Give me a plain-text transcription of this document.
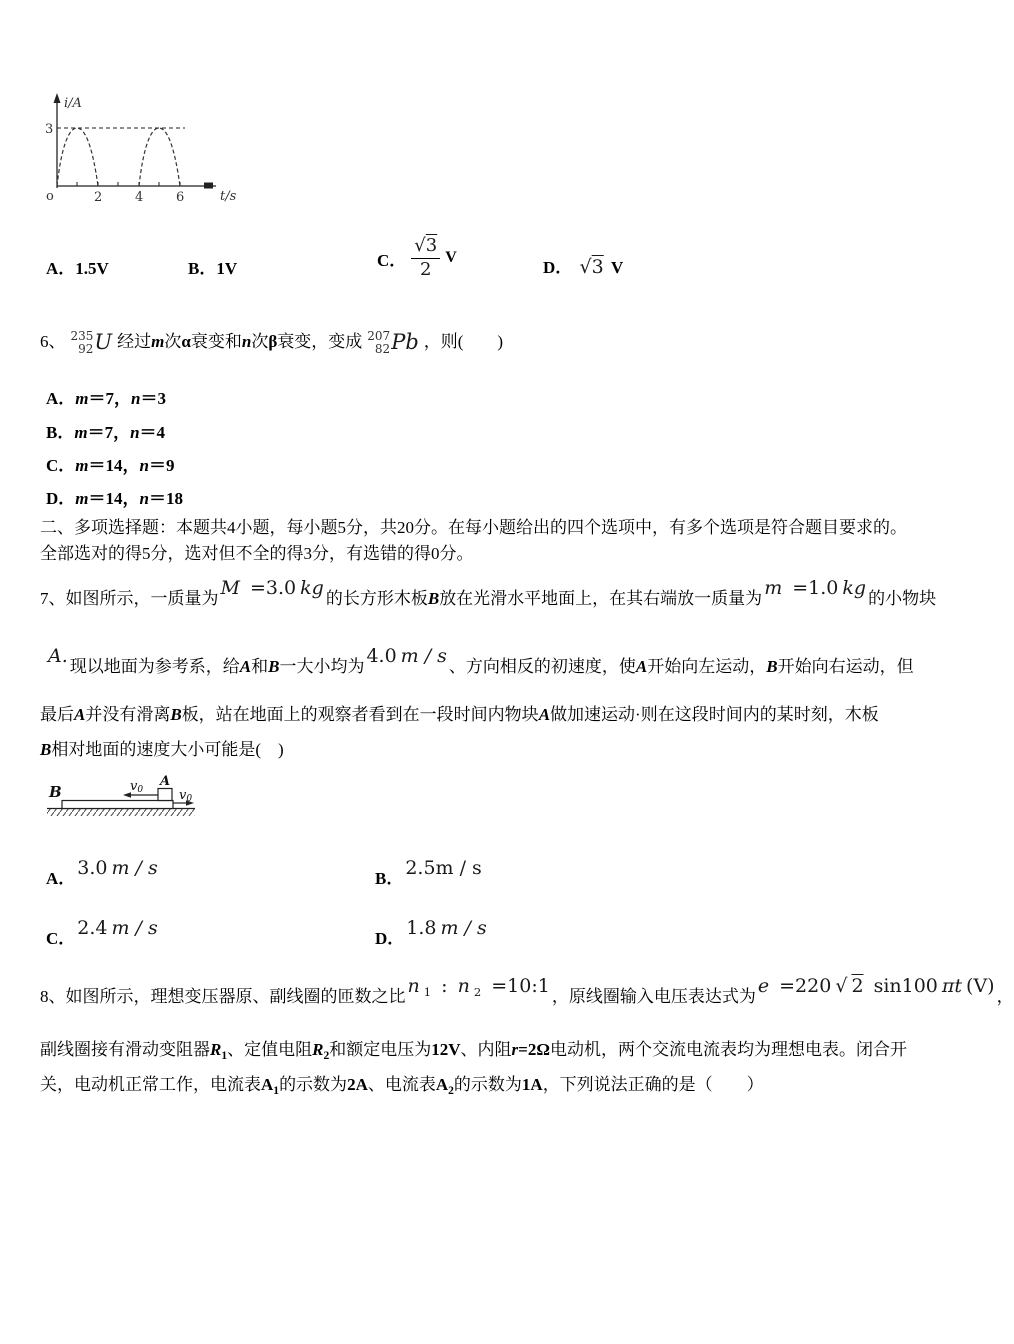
i/A
3
o	2	4	6	t/s
A．1.5V	B．1V	C． $\frac{√3}{2}$ V
D． √3 V
6、 235
92 U 经过m次α衰变和n次β衰变，变成 207
82 Pb ，则(　　)
A．m＝7，n＝3
B．m＝7，n＝4
C．m＝14，n＝9
D．m＝14，n＝18
二、多项选择题：本题共4小题，每小题5分，共20分。在每小题给出的四个选项中，有多个选项是符合题目要求的。
全部选对的得5分，选对但不全的得3分，有选错的得0分。
7、如图所示，一质量为 M =3.0 kg 的长方形木板B放在光滑水平地面上，在其右端放一质量为 m =1.0 kg 的小物块
A. 现以地面为参考系，给A和B一大小均为 4.0 m / s 、方向相反的初速度，使A开始向左运动，B开始向右运动，但
最后A并没有滑离B板，站在地面上的观察者看到在一段时间内物块A做加速运动·则在这段时间内的某时刻，木板
B相对地面的速度大小可能是(　)
B
A
v0	v0
A． 3.0 m / s	B． 2.5m / s
C． 2.4 m / s	D． 1.8 m / s
8、如图所示，理想变压器原、副线圈的匝数之比 n $^1$ : n $^2$ =10:1 ，原线圈输入电压表达式为 e =220 √ 2 sin100 πt (V) ，
副线圈接有滑动变阻器$R_1$、定值电阻$R_2$和额定电压为12V、内阻r=2Ω电动机，两个交流电流表均为理想电表。闭合开
关，电动机正常工作，电流表$A_1$的示数为2A、电流表$A_2$的示数为1A，下列说法正确的是（　　）
